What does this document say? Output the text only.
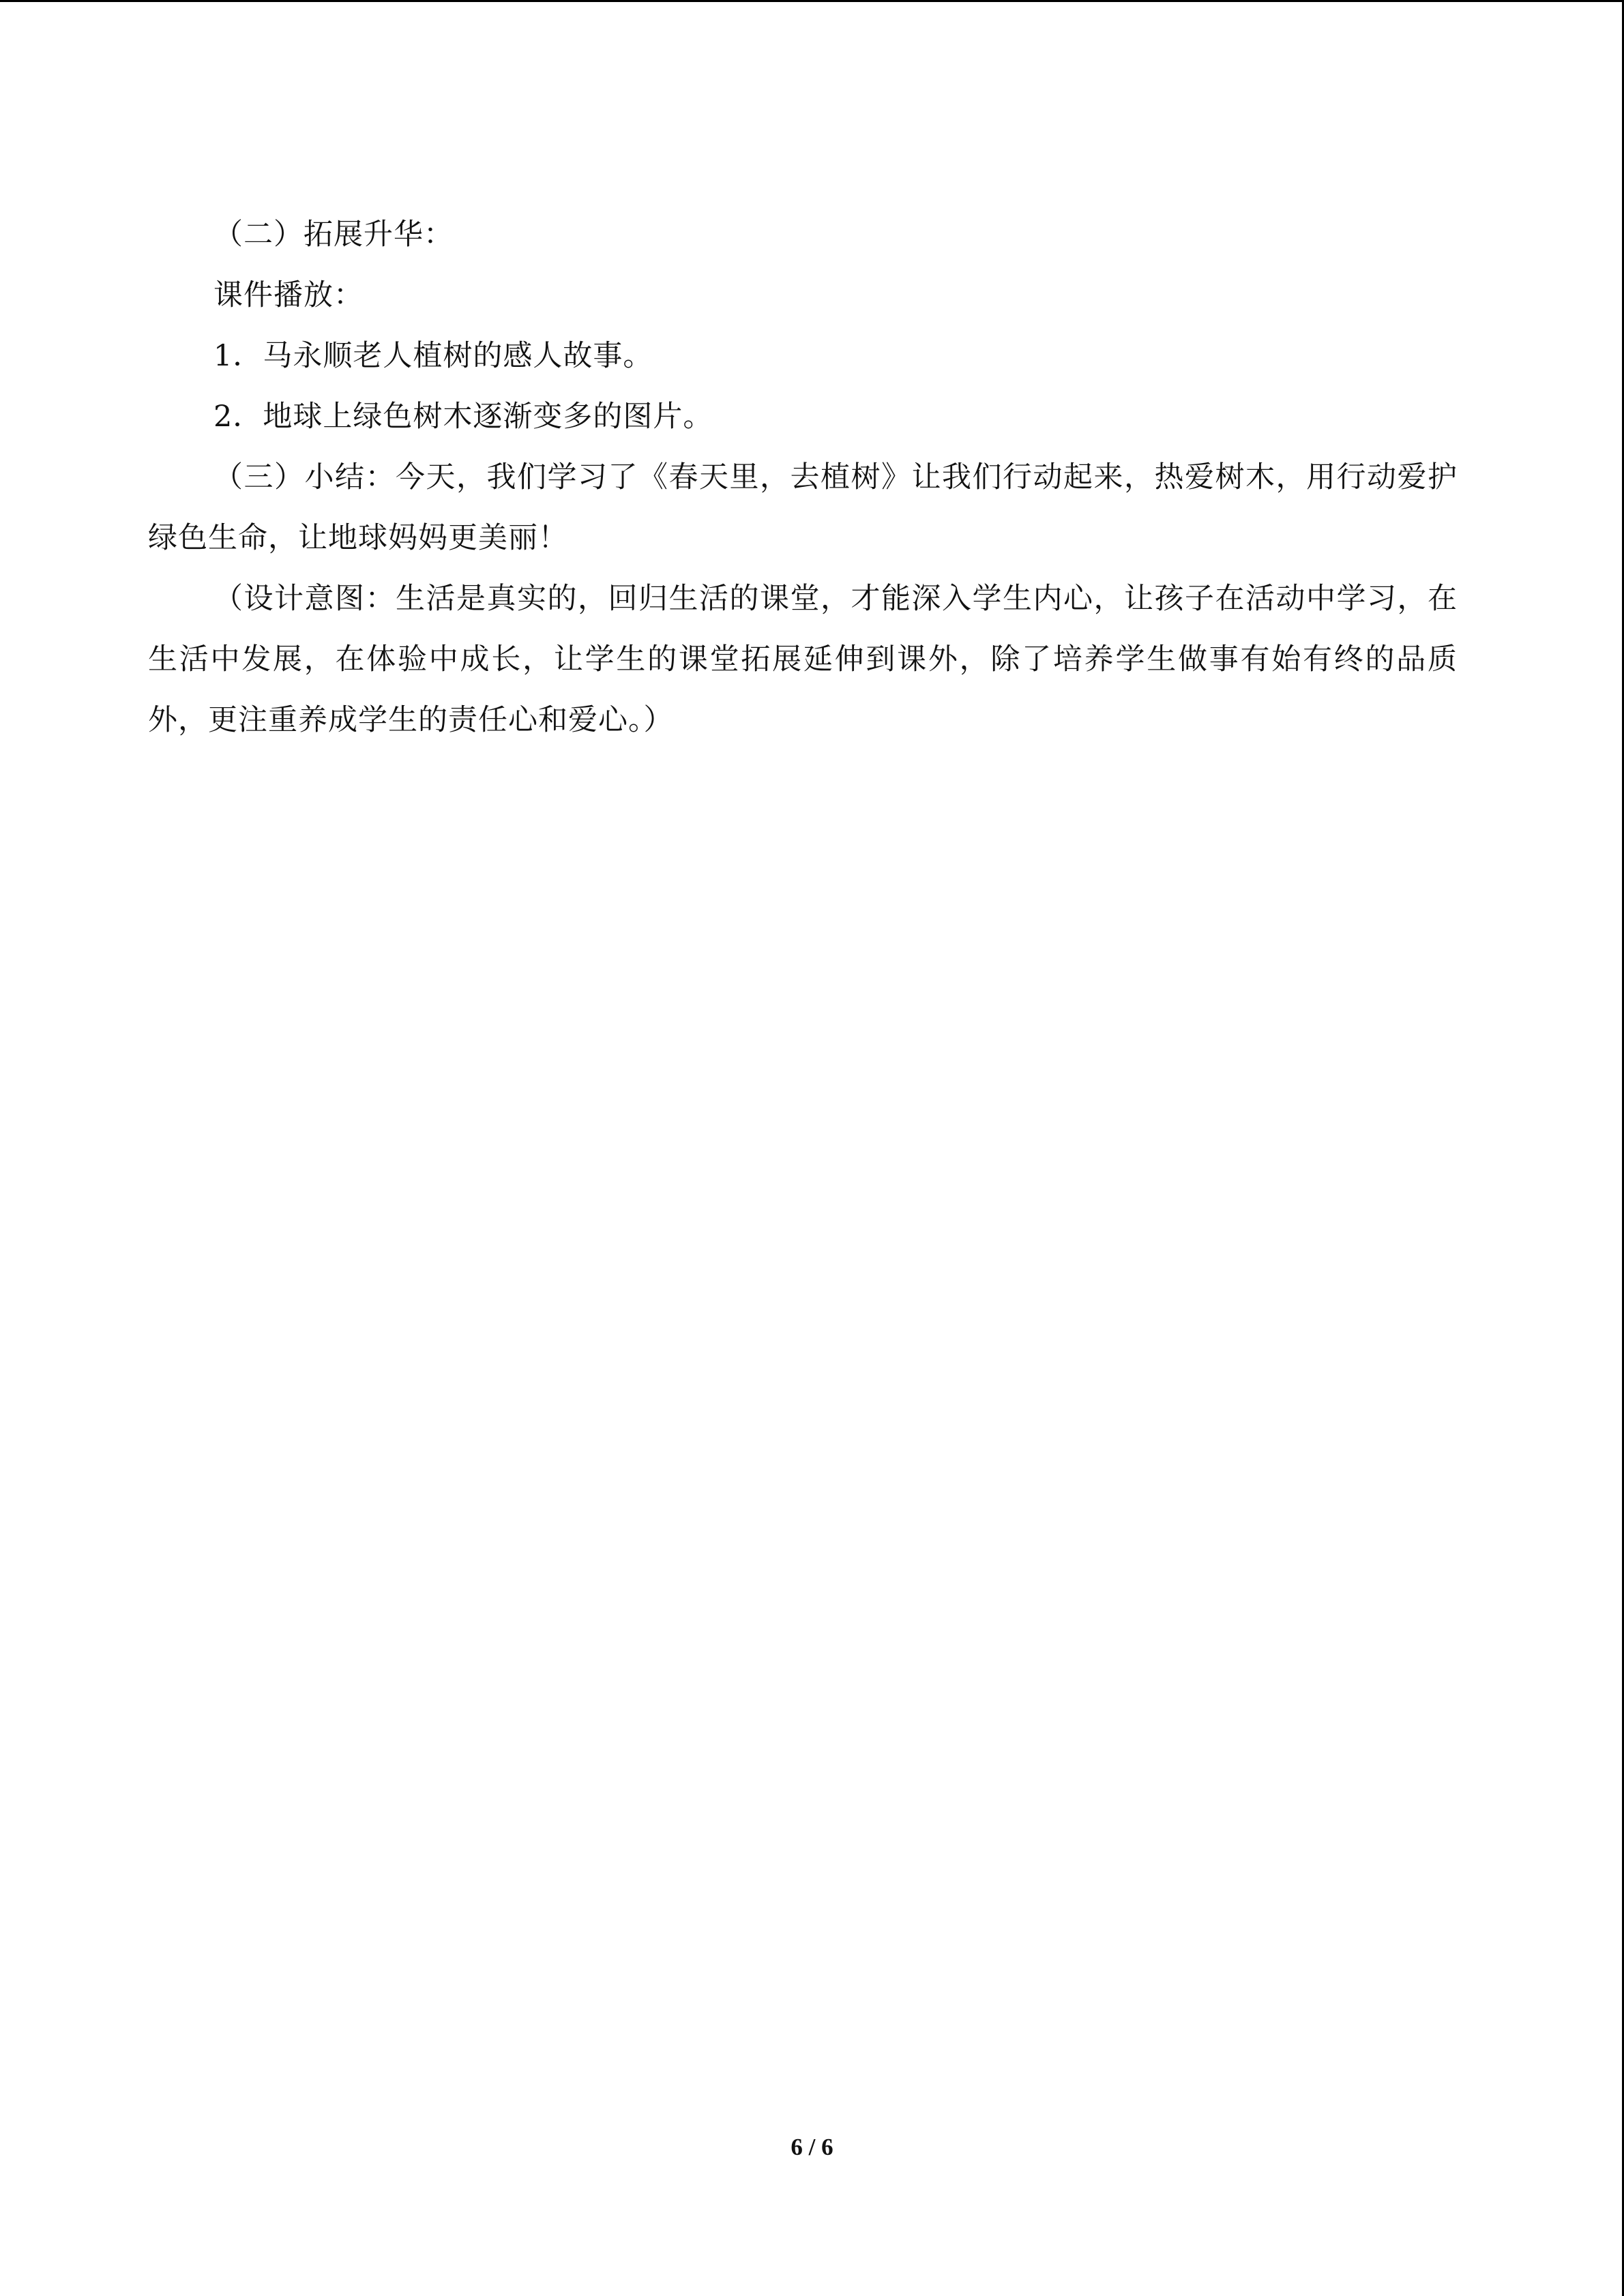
（二）拓展升华：

课件播放：

1．马永顺老人植树的感人故事。

2．地球上绿色树木逐渐变多的图片。

（三）小结：今天，我们学习了《春天里，去植树》让我们行动起来，热爱树木，用行动爱护绿色生命，让地球妈妈更美丽！

（设计意图：生活是真实的，回归生活的课堂，才能深入学生内心，让孩子在活动中学习，在生活中发展，在体验中成长，让学生的课堂拓展延伸到课外，除了培养学生做事有始有终的品质外，更注重养成学生的责任心和爱心。）

6 / 6
